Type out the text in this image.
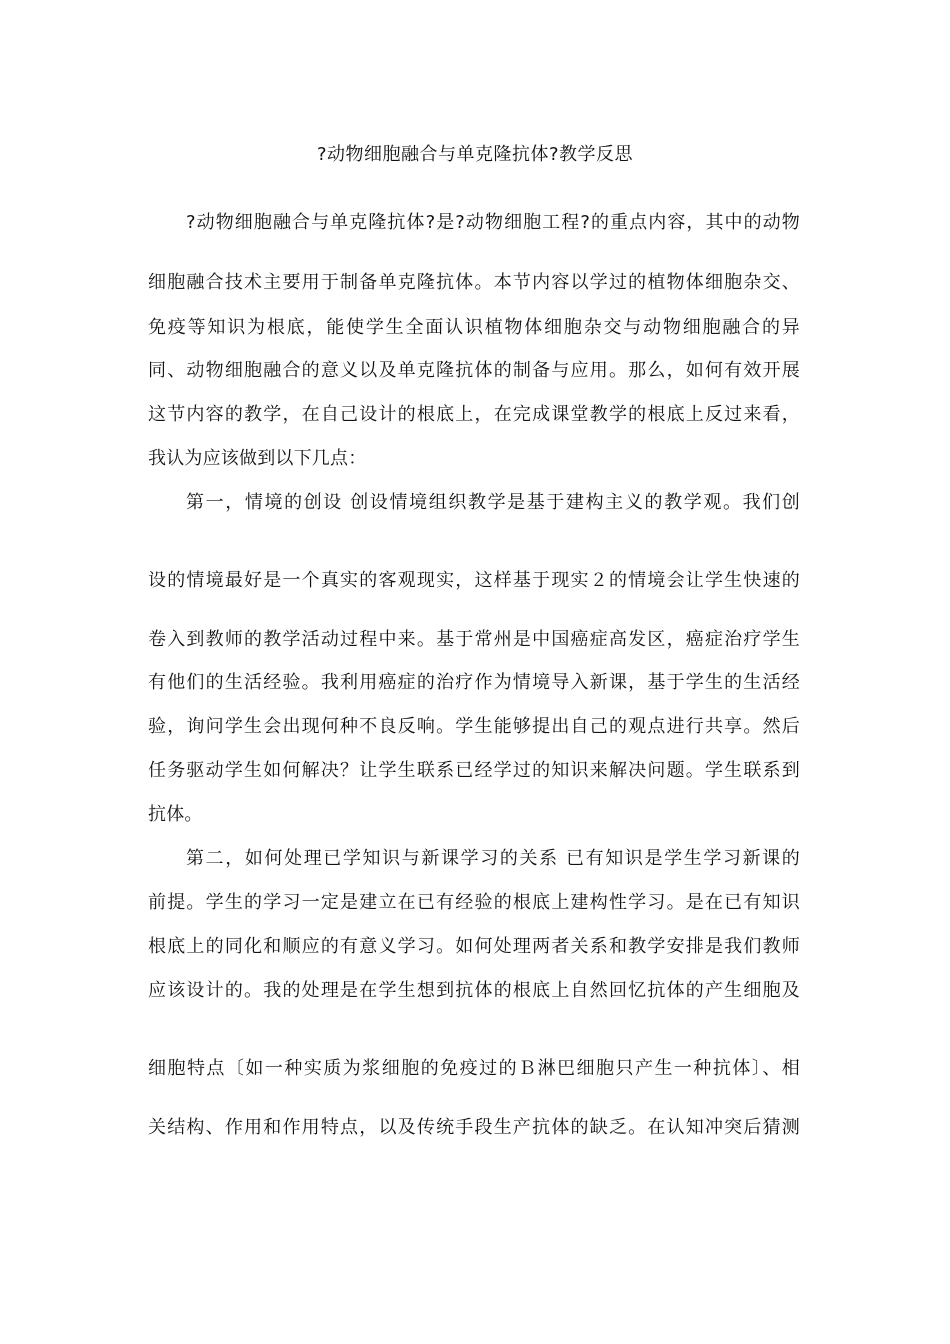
?动物细胞融合与单克隆抗体?教学反思
?动物细胞融合与单克隆抗体?是?动物细胞工程?的重点内容，其中的动物
细胞融合技术主要用于制备单克隆抗体。本节内容以学过的植物体细胞杂交、
免疫等知识为根底，能使学生全面认识植物体细胞杂交与动物细胞融合的异
同、动物细胞融合的意义以及单克隆抗体的制备与应用。那么，如何有效开展
这节内容的教学，在自己设计的根底上，在完成课堂教学的根底上反过来看，
我认为应该做到以下几点：
第一，情境的创设 创设情境组织教学是基于建构主义的教学观。我们创
设的情境最好是一个真实的客观现实，这样基于现实２的情境会让学生快速的
卷入到教师的教学活动过程中来。基于常州是中国癌症高发区，癌症治疗学生
有他们的生活经验。我利用癌症的治疗作为情境导入新课，基于学生的生活经
验，询问学生会出现何种不良反响。学生能够提出自己的观点进行共享。然后
任务驱动学生如何解决？让学生联系已经学过的知识来解决问题。学生联系到
抗体。
第二，如何处理已学知识与新课学习的关系 已有知识是学生学习新课的
前提。学生的学习一定是建立在已有经验的根底上建构性学习。是在已有知识
根底上的同化和顺应的有意义学习。如何处理两者关系和教学安排是我们教师
应该设计的。我的处理是在学生想到抗体的根底上自然回忆抗体的产生细胞及
细胞特点〔如一种实质为浆细胞的免疫过的Ｂ淋巴细胞只产生一种抗体〕、相
关结构、作用和作用特点，以及传统手段生产抗体的缺乏。在认知冲突后猜测
